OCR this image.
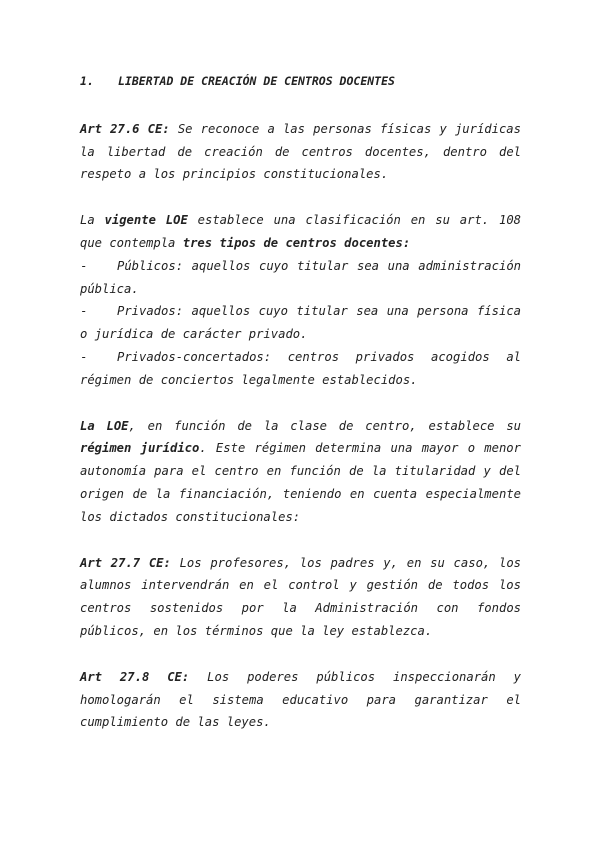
1. LIBERTAD DE CREACIÓN DE CENTROS DOCENTES

Art 27.6 CE: Se reconoce a las personas físicas y jurídicas la libertad de creación de centros docentes, dentro del respeto a los principios constitucionales.

La vigente LOE establece una clasificación en su art. 108 que contempla tres tipos de centros docentes:

- Públicos: aquellos cuyo titular sea una administración pública.

- Privados: aquellos cuyo titular sea una persona física o jurídica de carácter privado.

- Privados-concertados: centros privados acogidos al régimen de conciertos legalmente establecidos.

La LOE, en función de la clase de centro, establece su régimen jurídico. Este régimen determina una mayor o menor autonomía para el centro en función de la titularidad y del origen de la financiación, teniendo en cuenta especialmente los dictados constitucionales:

Art 27.7 CE: Los profesores, los padres y, en su caso, los alumnos intervendrán en el control y gestión de todos los centros sostenidos por la Administración con fondos públicos, en los términos que la ley establezca.

Art 27.8 CE: Los poderes públicos inspeccionarán y homologarán el sistema educativo para garantizar el cumplimiento de las leyes.
